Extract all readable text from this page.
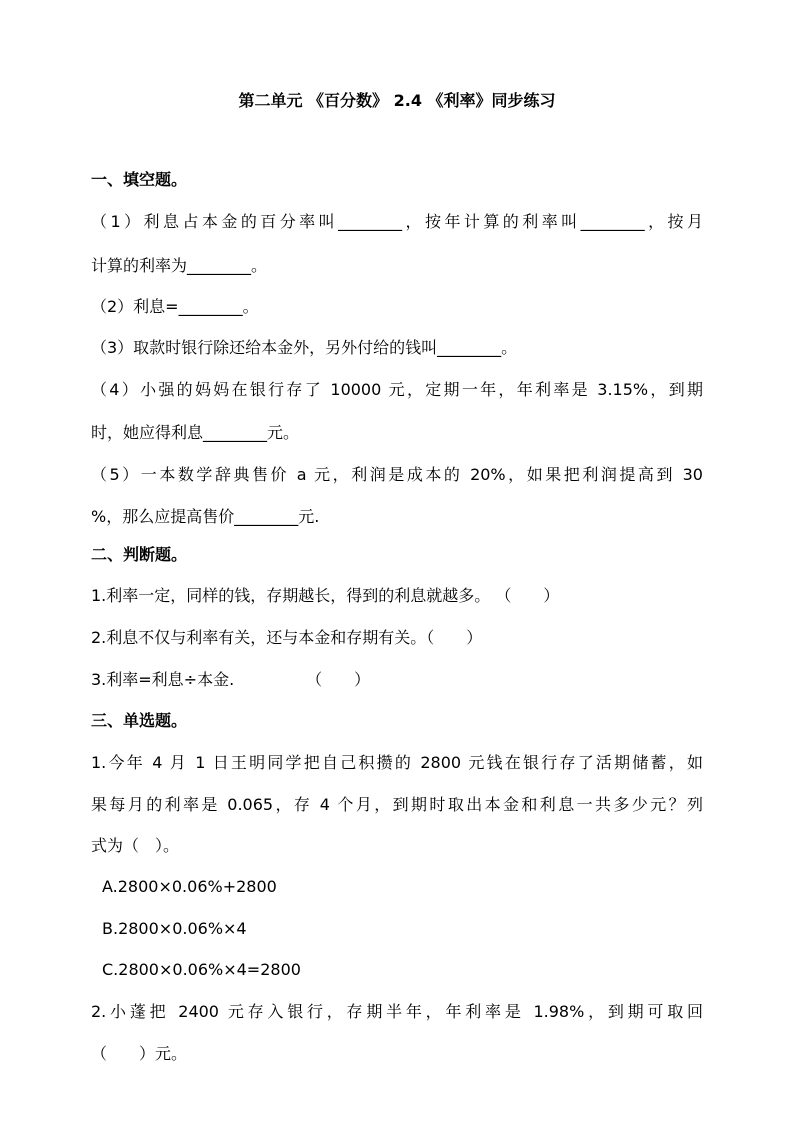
第二单元 《百分数》 2.4 《利率》同步练习
一、填空题。
（1）利息占本金的百分率叫________，按年计算的利率叫________，按月
计算的利率为________。
（2）利息=________。
（3）取款时银行除还给本金外，另外付给的钱叫________。
（4）小强的妈妈在银行存了 10000 元，定期一年，年利率是 3.15%，到期
时，她应得利息________元。
（5）一本数学辞典售价 a 元，利润是成本的 20%，如果把利润提高到 30
%，那么应提高售价________元.
二、判断题。
1.利率一定，同样的钱，存期越长，得到的利息就越多。 （　　）
2.利息不仅与利率有关，还与本金和存期有关。（　　）
3.利率=利息÷本金.　　　　　（　　）
三、单选题。
1.今年 4 月 1 日王明同学把自己积攒的 2800 元钱在银行存了活期储蓄，如
果每月的利率是 0.065，存 4 个月，到期时取出本金和利息一共多少元？列
式为（　）。
A.2800×0.06%+2800
B.2800×0.06%×4
C.2800×0.06%×4=2800
2.小蓬把 2400 元存入银行，存期半年，年利率是 1.98%，到期可取回
（　　）元。
